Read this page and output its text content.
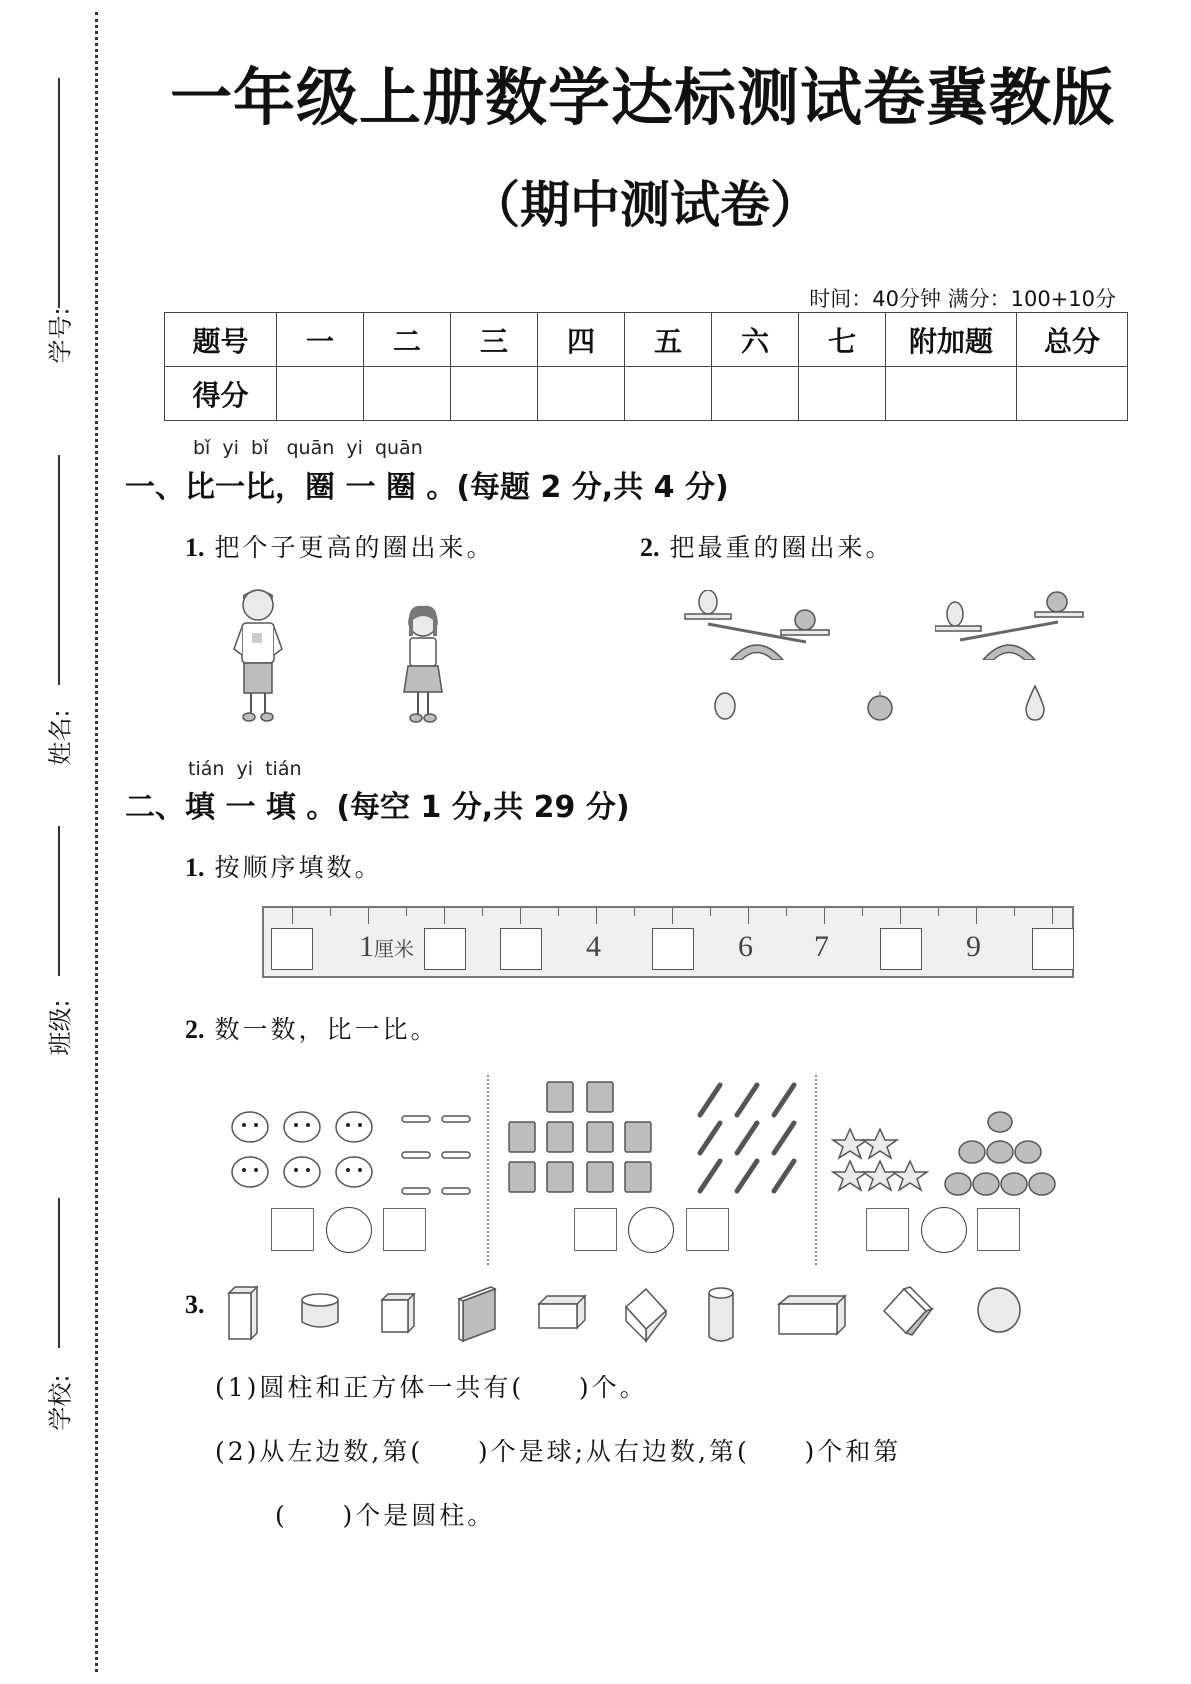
学号:
姓名:
班级:
学校:
一年级上册数学达标测试卷冀教版
（期中测试卷）
时间：40分钟 满分：100+10分
题号	一	二	三	四	五	六	七	附加题	总分
得分									
bǐ  yi  bǐ   quān  yi  quān
一、比一比，圈 一 圈 。(每题 2 分,共 4 分)
1. 把个子更高的圈出来。	2. 把最重的圈出来。
tián  yi  tián
二、填 一 填 。(每空 1 分,共 29 分)
1. 按顺序填数。
1厘米	4	6 7	9
2. 数一数，比一比。
3.
(1)圆柱和正方体一共有(     )个。
(2)从左边数,第(     )个是球;从右边数,第(     )个和第
(     )个是圆柱。
